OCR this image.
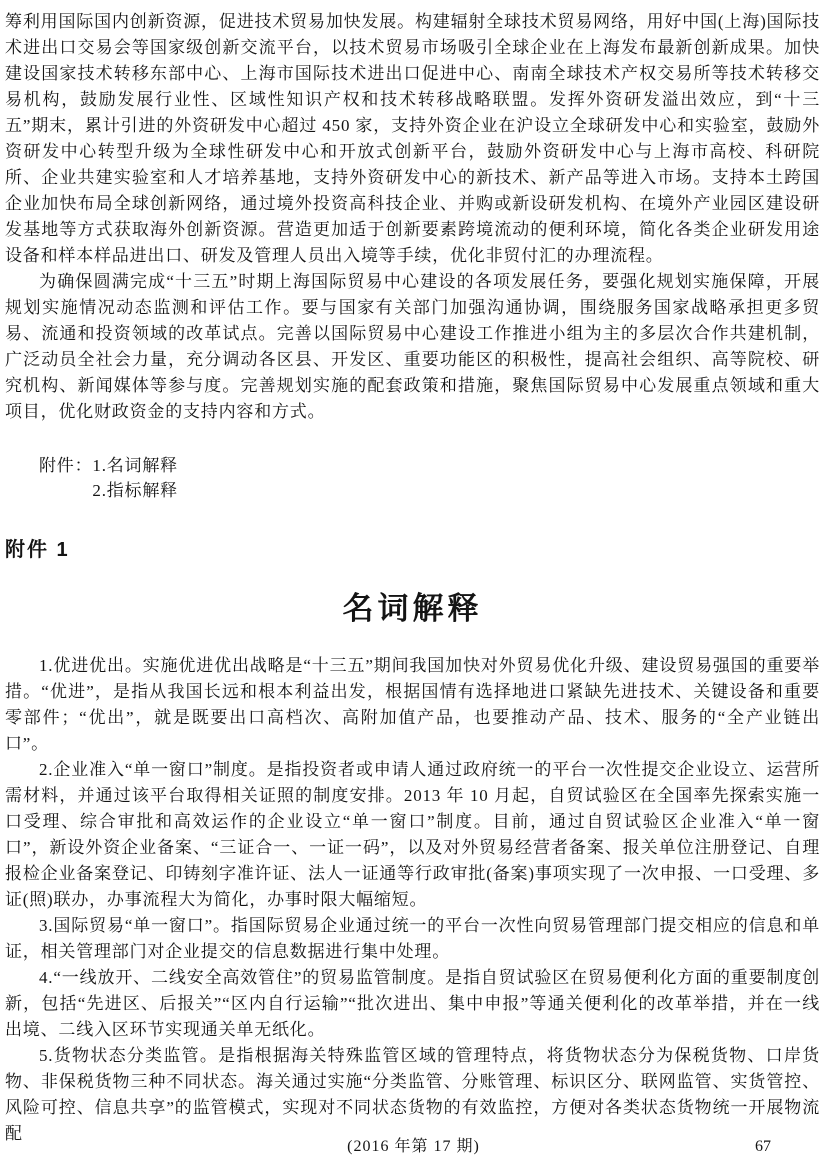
筹利用国际国内创新资源，促进技术贸易加快发展。构建辐射全球技术贸易网络，用好中国(上海)国际技术进出口交易会等国家级创新交流平台，以技术贸易市场吸引全球企业在上海发布最新创新成果。加快建设国家技术转移东部中心、上海市国际技术进出口促进中心、南南全球技术产权交易所等技术转移交易机构，鼓励发展行业性、区域性知识产权和技术转移战略联盟。发挥外资研发溢出效应，到“十三五”期末，累计引进的外资研发中心超过 450 家，支持外资企业在沪设立全球研发中心和实验室，鼓励外资研发中心转型升级为全球性研发中心和开放式创新平台，鼓励外资研发中心与上海市高校、科研院所、企业共建实验室和人才培养基地，支持外资研发中心的新技术、新产品等进入市场。支持本土跨国企业加快布局全球创新网络，通过境外投资高科技企业、并购或新设研发机构、在境外产业园区建设研发基地等方式获取海外创新资源。营造更加适于创新要素跨境流动的便利环境，简化各类企业研发用途设备和样本样品进出口、研发及管理人员出入境等手续，优化非贸付汇的办理流程。

为确保圆满完成“十三五”时期上海国际贸易中心建设的各项发展任务，要强化规划实施保障，开展规划实施情况动态监测和评估工作。要与国家有关部门加强沟通协调，围绕服务国家战略承担更多贸易、流通和投资领域的改革试点。完善以国际贸易中心建设工作推进小组为主的多层次合作共建机制，广泛动员全社会力量，充分调动各区县、开发区、重要功能区的积极性，提高社会组织、高等院校、研究机构、新闻媒体等参与度。完善规划实施的配套政策和措施，聚焦国际贸易中心发展重点领域和重大项目，优化财政资金的支持内容和方式。

附件： 1.名词解释
2.指标解释
附件 1
名词解释

1.优进优出。实施优进优出战略是“十三五”期间我国加快对外贸易优化升级、建设贸易强国的重要举措。“优进”，是指从我国长远和根本利益出发，根据国情有选择地进口紧缺先进技术、关键设备和重要零部件；“优出”，就是既要出口高档次、高附加值产品，也要推动产品、技术、服务的“全产业链出口”。

2.企业准入“单一窗口”制度。是指投资者或申请人通过政府统一的平台一次性提交企业设立、运营所需材料，并通过该平台取得相关证照的制度安排。2013 年 10 月起，自贸试验区在全国率先探索实施一口受理、综合审批和高效运作的企业设立“单一窗口”制度。目前，通过自贸试验区企业准入“单一窗口”，新设外资企业备案、“三证合一、一证一码”，以及对外贸易经营者备案、报关单位注册登记、自理报检企业备案登记、印铸刻字准许证、法人一证通等行政审批(备案)事项实现了一次申报、一口受理、多证(照)联办，办事流程大为简化，办事时限大幅缩短。

3.国际贸易“单一窗口”。指国际贸易企业通过统一的平台一次性向贸易管理部门提交相应的信息和单证，相关管理部门对企业提交的信息数据进行集中处理。

4.“一线放开、二线安全高效管住”的贸易监管制度。是指自贸试验区在贸易便利化方面的重要制度创新，包括“先进区、后报关”“区内自行运输”“批次进出、集中申报”等通关便利化的改革举措，并在一线出境、二线入区环节实现通关单无纸化。

5.货物状态分类监管。是指根据海关特殊监管区域的管理特点，将货物状态分为保税货物、口岸货物、非保税货物三种不同状态。海关通过实施“分类监管、分账管理、标识区分、联网监管、实货管控、风险可控、信息共享”的监管模式，实现对不同状态货物的有效监控，方便对各类状态货物统一开展物流配

(2016 年第 17 期)	67
